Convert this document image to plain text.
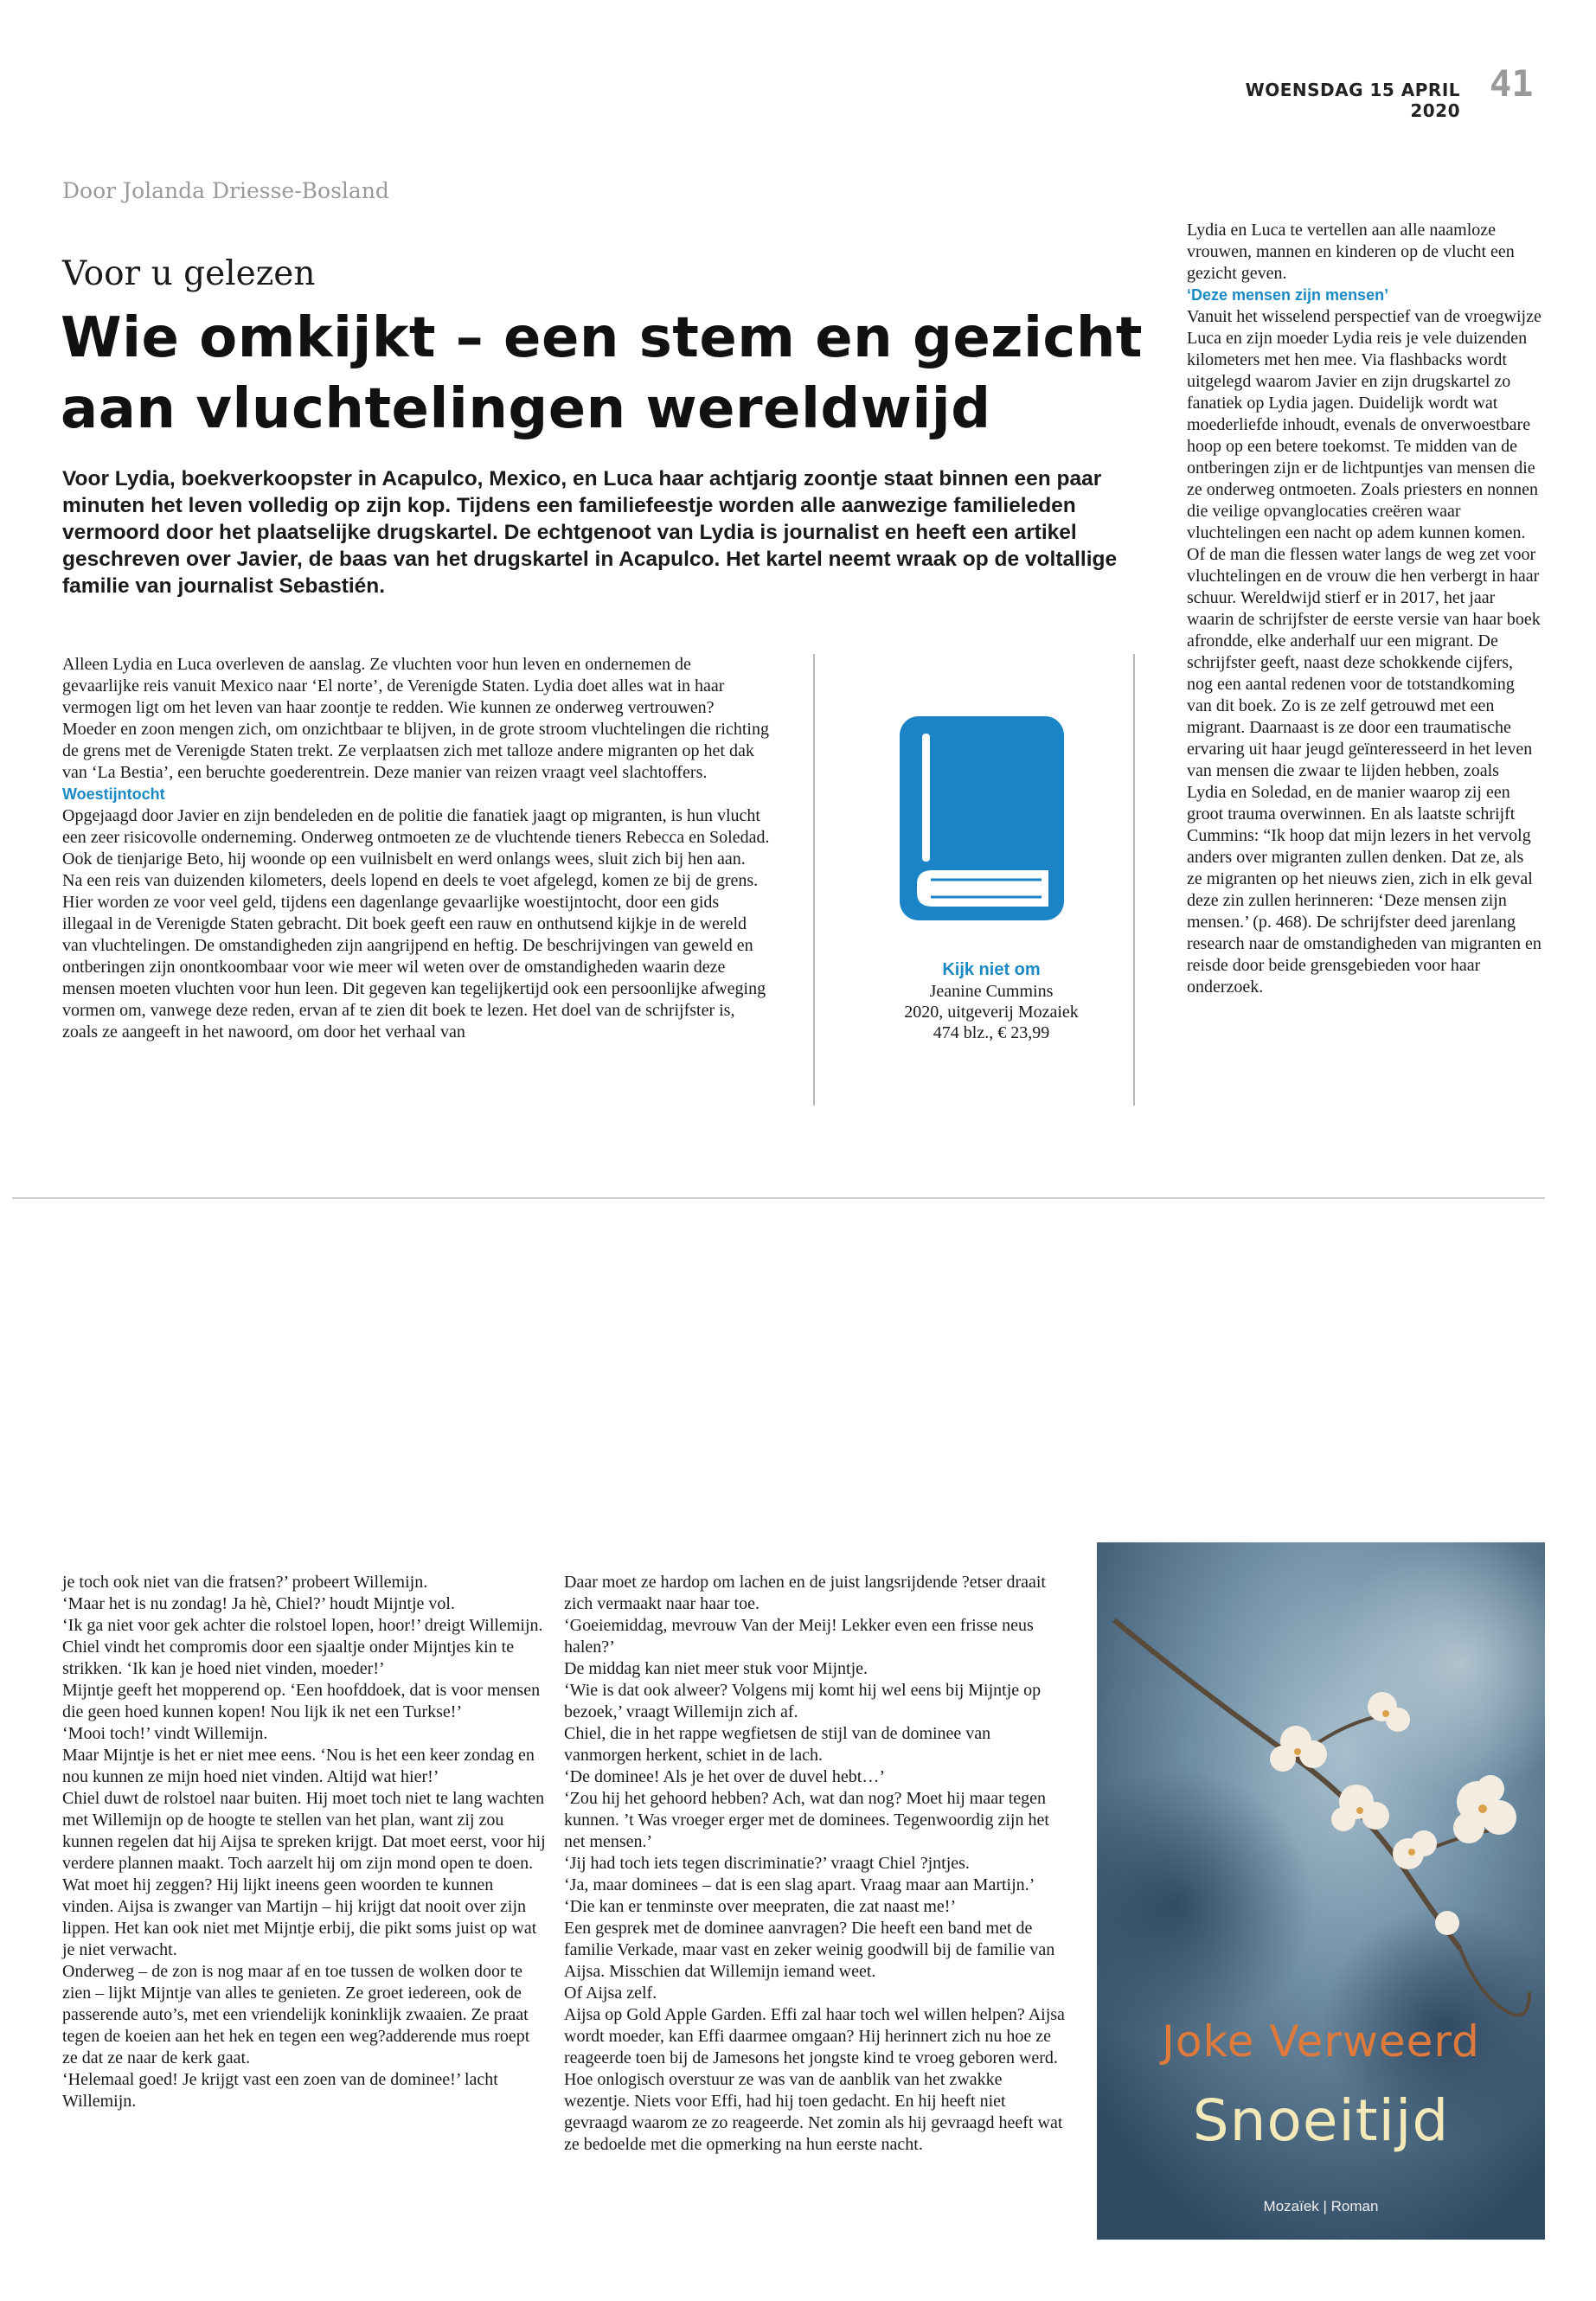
WOENSDAG 15 APRIL 2020
41
Door Jolanda Driesse-Bosland
Voor u gelezen
Wie omkijkt – een stem en gezicht
aan vluchtelingen wereldwijd
Voor Lydia, boekverkoopster in Acapulco, Mexico, en Luca haar achtjarig zoontje staat binnen een paar minuten het leven volledig op zijn kop. Tijdens een familiefeestje worden alle aanwezige familieleden vermoord door het plaatselijke drugskartel. De echtgenoot van Lydia is journalist en heeft een artikel geschreven over Javier, de baas van het drugskartel in Acapulco. Het kartel neemt wraak op de voltallige familie van journalist Sebastién.

Alleen Lydia en Luca overleven de aanslag. Ze vluchten voor hun leven en ondernemen de gevaarlijke reis vanuit Mexico naar ‘El norte’, de Verenigde Staten. Lydia doet alles wat in haar vermogen ligt om het leven van haar zoontje te redden. Wie kunnen ze onderweg vertrouwen? Moeder en zoon mengen zich, om onzichtbaar te blijven, in de grote stroom vluchtelingen die richting de grens met de Verenigde Staten trekt. Ze verplaatsen zich met talloze andere migranten op het dak van ‘La Bestia’, een beruchte goederentrein. Deze manier van reizen vraagt veel slachtoffers.

Woestijntocht

Opgejaagd door Javier en zijn bendeleden en de politie die fanatiek jaagt op migranten, is hun vlucht een zeer risicovolle onderneming. Onderweg ontmoeten ze de vluchtende tieners Rebecca en Soledad. Ook de tienjarige Beto, hij woonde op een vuilnisbelt en werd onlangs wees, sluit zich bij hen aan. Na een reis van duizenden kilometers, deels lopend en deels te voet afgelegd, komen ze bij de grens. Hier worden ze voor veel geld, tijdens een dagenlange gevaarlijke woestijntocht, door een gids illegaal in de Verenigde Staten gebracht. Dit boek geeft een rauw en onthutsend kijkje in de wereld van vluchtelingen. De omstandigheden zijn aangrijpend en heftig. De beschrijvingen van geweld en ontberingen zijn onontkoombaar voor wie meer wil weten over de omstandigheden waarin deze mensen moeten vluchten voor hun leen. Dit gegeven kan tegelijkertijd ook een persoonlijke afweging vormen om, vanwege deze reden, ervan af te zien dit boek te lezen. Het doel van de schrijfster is, zoals ze aangeeft in het nawoord, om door het verhaal van

Kijk niet om
Jeanine Cummins
2020, uitgeverij Mozaiek
474 blz., € 23,99

Lydia en Luca te vertellen aan alle naamloze vrouwen, mannen en kinderen op de vlucht een gezicht geven.

‘Deze mensen zijn mensen’

Vanuit het wisselend perspectief van de vroegwijze Luca en zijn moeder Lydia reis je vele duizenden kilometers met hen mee. Via flashbacks wordt uitgelegd waarom Javier en zijn drugskartel zo fanatiek op Lydia jagen. Duidelijk wordt wat moederliefde inhoudt, evenals de onverwoestbare hoop op een betere toekomst. Te midden van de ontberingen zijn er de lichtpuntjes van mensen die ze onderweg ontmoeten. Zoals priesters en nonnen die veilige opvanglocaties creëren waar vluchtelingen een nacht op adem kunnen komen. Of de man die flessen water langs de weg zet voor vluchtelingen en de vrouw die hen verbergt in haar schuur. Wereldwijd stierf er in 2017, het jaar waarin de schrijfster de eerste versie van haar boek afrondde, elke anderhalf uur een migrant. De schrijfster geeft, naast deze schokkende cijfers, nog een aantal redenen voor de totstandkoming van dit boek. Zo is ze zelf getrouwd met een migrant. Daarnaast is ze door een traumatische ervaring uit haar jeugd geïnteresseerd in het leven van mensen die zwaar te lijden hebben, zoals Lydia en Soledad, en de manier waarop zij een groot trauma overwinnen. En als laatste schrijft Cummins: “Ik hoop dat mijn lezers in het vervolg anders over migranten zullen denken. Dat ze, als ze migranten op het nieuws zien, zich in elk geval deze zin zullen herinneren: ‘Deze mensen zijn mensen.’ (p. 468). De schrijfster deed jarenlang research naar de omstandigheden van migranten en reisde door beide grensgebieden voor haar onderzoek.

je toch ook niet van die fratsen?’ probeert Willemijn.
‘Maar het is nu zondag! Ja hè, Chiel?’ houdt Mijntje vol.
‘Ik ga niet voor gek achter die rolstoel lopen, hoor!’ dreigt Willemijn.
Chiel vindt het compromis door een sjaaltje onder Mijntjes kin te strikken. ‘Ik kan je hoed niet vinden, moeder!’
Mijntje geeft het mopperend op. ‘Een hoofddoek, dat is voor mensen die geen hoed kunnen kopen! Nou lijk ik net een Turkse!’
‘Mooi toch!’ vindt Willemijn.
Maar Mijntje is het er niet mee eens. ‘Nou is het een keer zondag en nou kunnen ze mijn hoed niet vinden. Altijd wat hier!’
Chiel duwt de rolstoel naar buiten. Hij moet toch niet te lang wachten met Willemijn op de hoogte te stellen van het plan, want zij zou kunnen regelen dat hij Aijsa te spreken krijgt. Dat moet eerst, voor hij verdere plannen maakt. Toch aarzelt hij om zijn mond open te doen. Wat moet hij zeggen? Hij lijkt ineens geen woorden te kunnen vinden. Aijsa is zwanger van Martijn – hij krijgt dat nooit over zijn lippen. Het kan ook niet met Mijntje erbij, die pikt soms juist op wat je niet verwacht.
Onderweg – de zon is nog maar af en toe tussen de wolken door te zien – lijkt Mijntje van alles te genieten. Ze groet iedereen, ook de passerende auto’s, met een vriendelijk koninklijk zwaaien. Ze praat tegen de koeien aan het hek en tegen een weg?adderende mus roept ze dat ze naar de kerk gaat.
‘Helemaal goed! Je krijgt vast een zoen van de dominee!’ lacht Willemijn.
Daar moet ze hardop om lachen en de juist langsrijdende ?etser draait zich vermaakt naar haar toe.
‘Goeiemiddag, mevrouw Van der Meij! Lekker even een frisse neus halen?’
De middag kan niet meer stuk voor Mijntje.
‘Wie is dat ook alweer? Volgens mij komt hij wel eens bij Mijntje op bezoek,’ vraagt Willemijn zich af.
Chiel, die in het rappe wegfietsen de stijl van de dominee van vanmorgen herkent, schiet in de lach.
‘De dominee! Als je het over de duvel hebt…’
‘Zou hij het gehoord hebben? Ach, wat dan nog? Moet hij maar tegen kunnen. ’t Was vroeger erger met de dominees. Tegenwoordig zijn het net mensen.’
‘Jij had toch iets tegen discriminatie?’ vraagt Chiel ?jntjes.
‘Ja, maar dominees – dat is een slag apart. Vraag maar aan Martijn.’
‘Die kan er tenminste over meepraten, die zat naast me!’
Een gesprek met de dominee aanvragen? Die heeft een band met de familie Verkade, maar vast en zeker weinig goodwill bij de familie van Aijsa. Misschien dat Willemijn iemand weet.
Of Aijsa zelf.
Aijsa op Gold Apple Garden. Effi zal haar toch wel willen helpen? Aijsa wordt moeder, kan Effi daarmee omgaan? Hij herinnert zich nu hoe ze reageerde toen bij de Jamesons het jongste kind te vroeg geboren werd. Hoe onlogisch overstuur ze was van de aanblik van het zwakke wezentje. Niets voor Effi, had hij toen gedacht. En hij heeft niet gevraagd waarom ze zo reageerde. Net zomin als hij gevraagd heeft wat ze bedoelde met die opmerking na hun eerste nacht.
Joke Verweerd
Snoeitijd
Mozaïek | Roman
